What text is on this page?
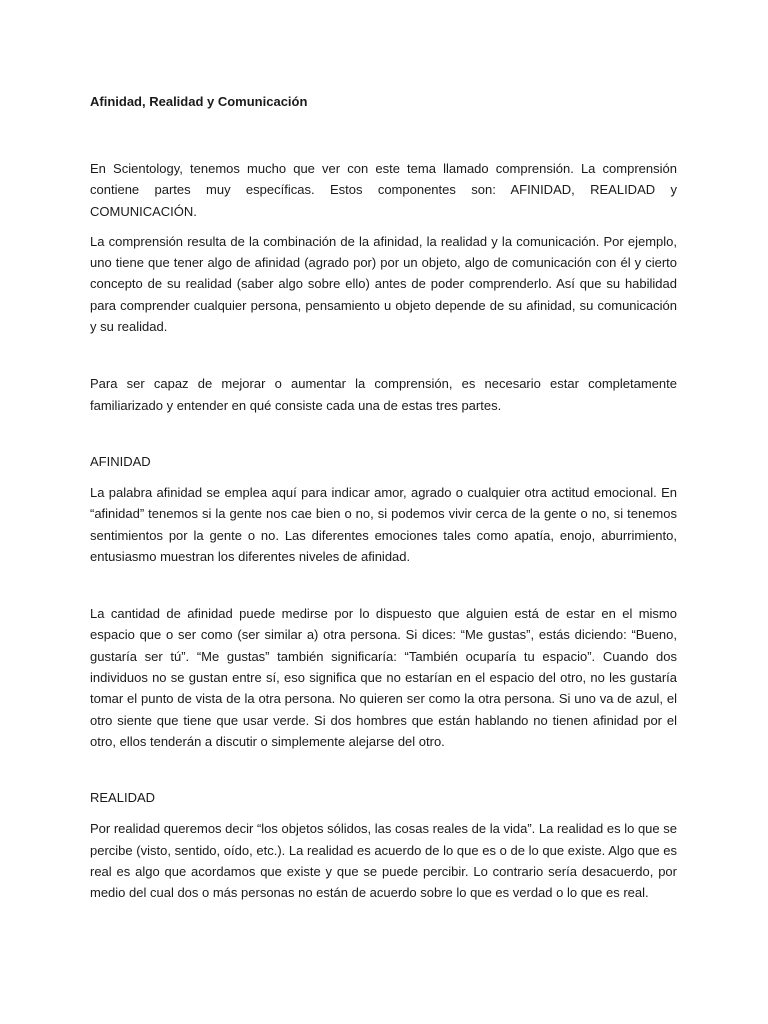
Afinidad, Realidad y Comunicación

En Scientology, tenemos mucho que ver con este tema llamado comprensión. La comprensión contiene partes muy específicas. Estos componentes son: AFINIDAD, REALIDAD y COMUNICACIÓN.

La comprensión resulta de la combinación de la afinidad, la realidad y la comunicación. Por ejemplo, uno tiene que tener algo de afinidad (agrado por) por un objeto, algo de comunicación con él y cierto concepto de su realidad (saber algo sobre ello) antes de poder comprenderlo. Así que su habilidad para comprender cualquier persona, pensamiento u objeto depende de su afinidad, su comunicación y su realidad.

Para ser capaz de mejorar o aumentar la comprensión, es necesario estar completamente familiarizado y entender en qué consiste cada una de estas tres partes.

AFINIDAD

La palabra afinidad se emplea aquí para indicar amor, agrado o cualquier otra actitud emocional. En “afinidad” tenemos si la gente nos cae bien o no, si podemos vivir cerca de la gente o no, si tenemos sentimientos por la gente o no. Las diferentes emociones tales como apatía, enojo, aburrimiento, entusiasmo muestran los diferentes niveles de afinidad.

La cantidad de afinidad puede medirse por lo dispuesto que alguien está de estar en el mismo espacio que o ser como (ser similar a) otra persona. Si dices: “Me gustas”, estás diciendo: “Bueno, gustaría ser tú”. “Me gustas” también significaría: “También ocuparía tu espacio”. Cuando dos individuos no se gustan entre sí, eso significa que no estarían en el espacio del otro, no les gustaría tomar el punto de vista de la otra persona. No quieren ser como la otra persona. Si uno va de azul, el otro siente que tiene que usar verde. Si dos hombres que están hablando no tienen afinidad por el otro, ellos tenderán a discutir o simplemente alejarse del otro.

REALIDAD

Por realidad queremos decir “los objetos sólidos, las cosas reales de la vida”. La realidad es lo que se percibe (visto, sentido, oído, etc.). La realidad es acuerdo de lo que es o de lo que existe. Algo que es real es algo que acordamos que existe y que se puede percibir. Lo contrario sería desacuerdo, por medio del cual dos o más personas no están de acuerdo sobre lo que es verdad o lo que es real.
